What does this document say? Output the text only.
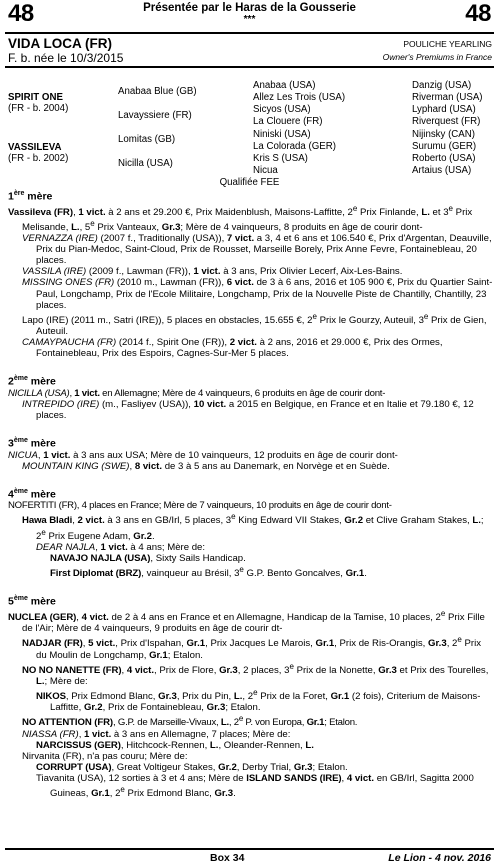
48	48
Présentée par le Haras de la Gousserie
***
VIDA LOCA (FR)
F. b. née le 10/3/2015
POULICHE YEARLING
Owner's Premiums in France
SPIRIT ONE
(FR - b. 2004)
VASSILEVA
(FR - b. 2002)
Anabaa Blue (GB)
Lavayssiere (FR)
Lomitas (GB)
Nicilla (USA)
Anabaa (USA)
Allez Les Trois (USA)
Sicyos (USA)
La Clouere (FR)
Niniski (USA)
La Colorada (GER)
Kris S (USA)
Nicua
Danzig (USA)
Riverman (USA)
Lyphard (USA)
Riverquest (FR)
Nijinsky (CAN)
Surumu (GER)
Roberto (USA)
Artaius (USA)
Qualifiée FEE

1ère mère

Vassileva (FR), 1 vict. à 2 ans et 29.200 €, Prix Maidenblush, Maisons-Laffitte, 2e Prix Finlande, L. et 3e Prix Melisande, L., 5e Prix Vanteaux, Gr.3; Mère de 4 vainqueurs, 8 produits en âge de courir dont-

VERNAZZA (IRE) (2007 f., Traditionally (USA)), 7 vict. a 3, 4 et 6 ans et 106.540 €, Prix d'Argentan, Deauville, Prix du Pian-Medoc, Saint-Cloud, Prix de Rousset, Marseille Borely, Prix Anne Fevre, Fontainebleau, 20 places.

VASSILA (IRE) (2009 f., Lawman (FR)), 1 vict. à 3 ans, Prix Olivier Lecerf, Aix-Les-Bains.

MISSING ONES (FR) (2010 m., Lawman (FR)), 6 vict. de 3 à 6 ans, 2016 et 105 900 €, Prix du Quartier Saint-Paul, Longchamp, Prix de l'Ecole Militaire, Longchamp, Prix de la Nouvelle Piste de Chantilly, Chantilly, 23 places.

Lapo (IRE) (2011 m., Satri (IRE)), 5 places en obstacles, 15.655 €, 2e Prix le Gourzy, Auteuil, 3e Prix de Gien, Auteuil.

CAMAYPAUCHA (FR) (2014 f., Spirit One (FR)), 2 vict. à 2 ans, 2016 et 29.000 €, Prix des Ormes, Fontainebleau, Prix des Espoirs, Cagnes-Sur-Mer 5 places.

2ème mère

NICILLA (USA), 1 vict. en Allemagne; Mère de 4 vainqueurs, 6 produits en âge de courir dont-

INTREPIDO (IRE) (m., Fasliyev (USA)), 10 vict. a 2015 en Belgique, en France et en Italie et 79.180 €, 12 places.

3ème mère

NICUA, 1 vict. à 3 ans aux USA; Mère de 10 vainqueurs, 12 produits en âge de courir dont-

MOUNTAIN KING (SWE), 8 vict. de 3 à 5 ans au Danemark, en Norvège et en Suède.

4ème mère

NOFERTITI (FR), 4 places en France; Mère de 7 vainqueurs, 10 produits en âge de courir dont-

Hawa Bladi, 2 vict. à 3 ans en GB/Irl, 5 places, 3e King Edward VII Stakes, Gr.2 et Clive Graham Stakes, L.; 2e Prix Eugene Adam, Gr.2.

DEAR NAJLA, 1 vict. à 4 ans; Mère de:

NAVAJO NAJLA (USA), Sixty Sails Handicap.

First Diplomat (BRZ), vainqueur au Brésil, 3e G.P. Bento Goncalves, Gr.1.

5ème mère

NUCLEA (GER), 4 vict. de 2 à 4 ans en France et en Allemagne, Handicap de la Tamise, 10 places, 2e Prix Fille de l'Air; Mère de 4 vainqueurs, 9 produits en âge de courir dt-

NADJAR (FR), 5 vict., Prix d'Ispahan, Gr.1, Prix Jacques Le Marois, Gr.1, Prix de Ris-Orangis, Gr.3, 2e Prix du Moulin de Longchamp, Gr.1; Etalon.

NO NO NANETTE (FR), 4 vict., Prix de Flore, Gr.3, 2 places, 3e Prix de la Nonette, Gr.3 et Prix des Tourelles, L.; Mère de:

NIKOS, Prix Edmond Blanc, Gr.3, Prix du Pin, L., 2e Prix de la Foret, Gr.1 (2 fois), Criterium de Maisons-Laffitte, Gr.2, Prix de Fontainebleau, Gr.3; Etalon.

NO ATTENTION (FR), G.P. de Marseille-Vivaux, L., 2e P. von Europa, Gr.1; Etalon.

NIASSA (FR), 1 vict. à 3 ans en Allemagne, 7 places; Mère de:

NARCISSUS (GER), Hitchcock-Rennen, L., Oleander-Rennen, L.

Nirvanita (FR), n'a pas couru; Mère de:

CORRUPT (USA), Great Voltigeur Stakes, Gr.2, Derby Trial, Gr.3; Etalon.

Tiavanita (USA), 12 sorties à 3 et 4 ans; Mère de ISLAND SANDS (IRE), 4 vict. en GB/Irl, Sagitta 2000 Guineas, Gr.1, 2e Prix Edmond Blanc, Gr.3.

Box 34	Le Lion - 4 nov. 2016
